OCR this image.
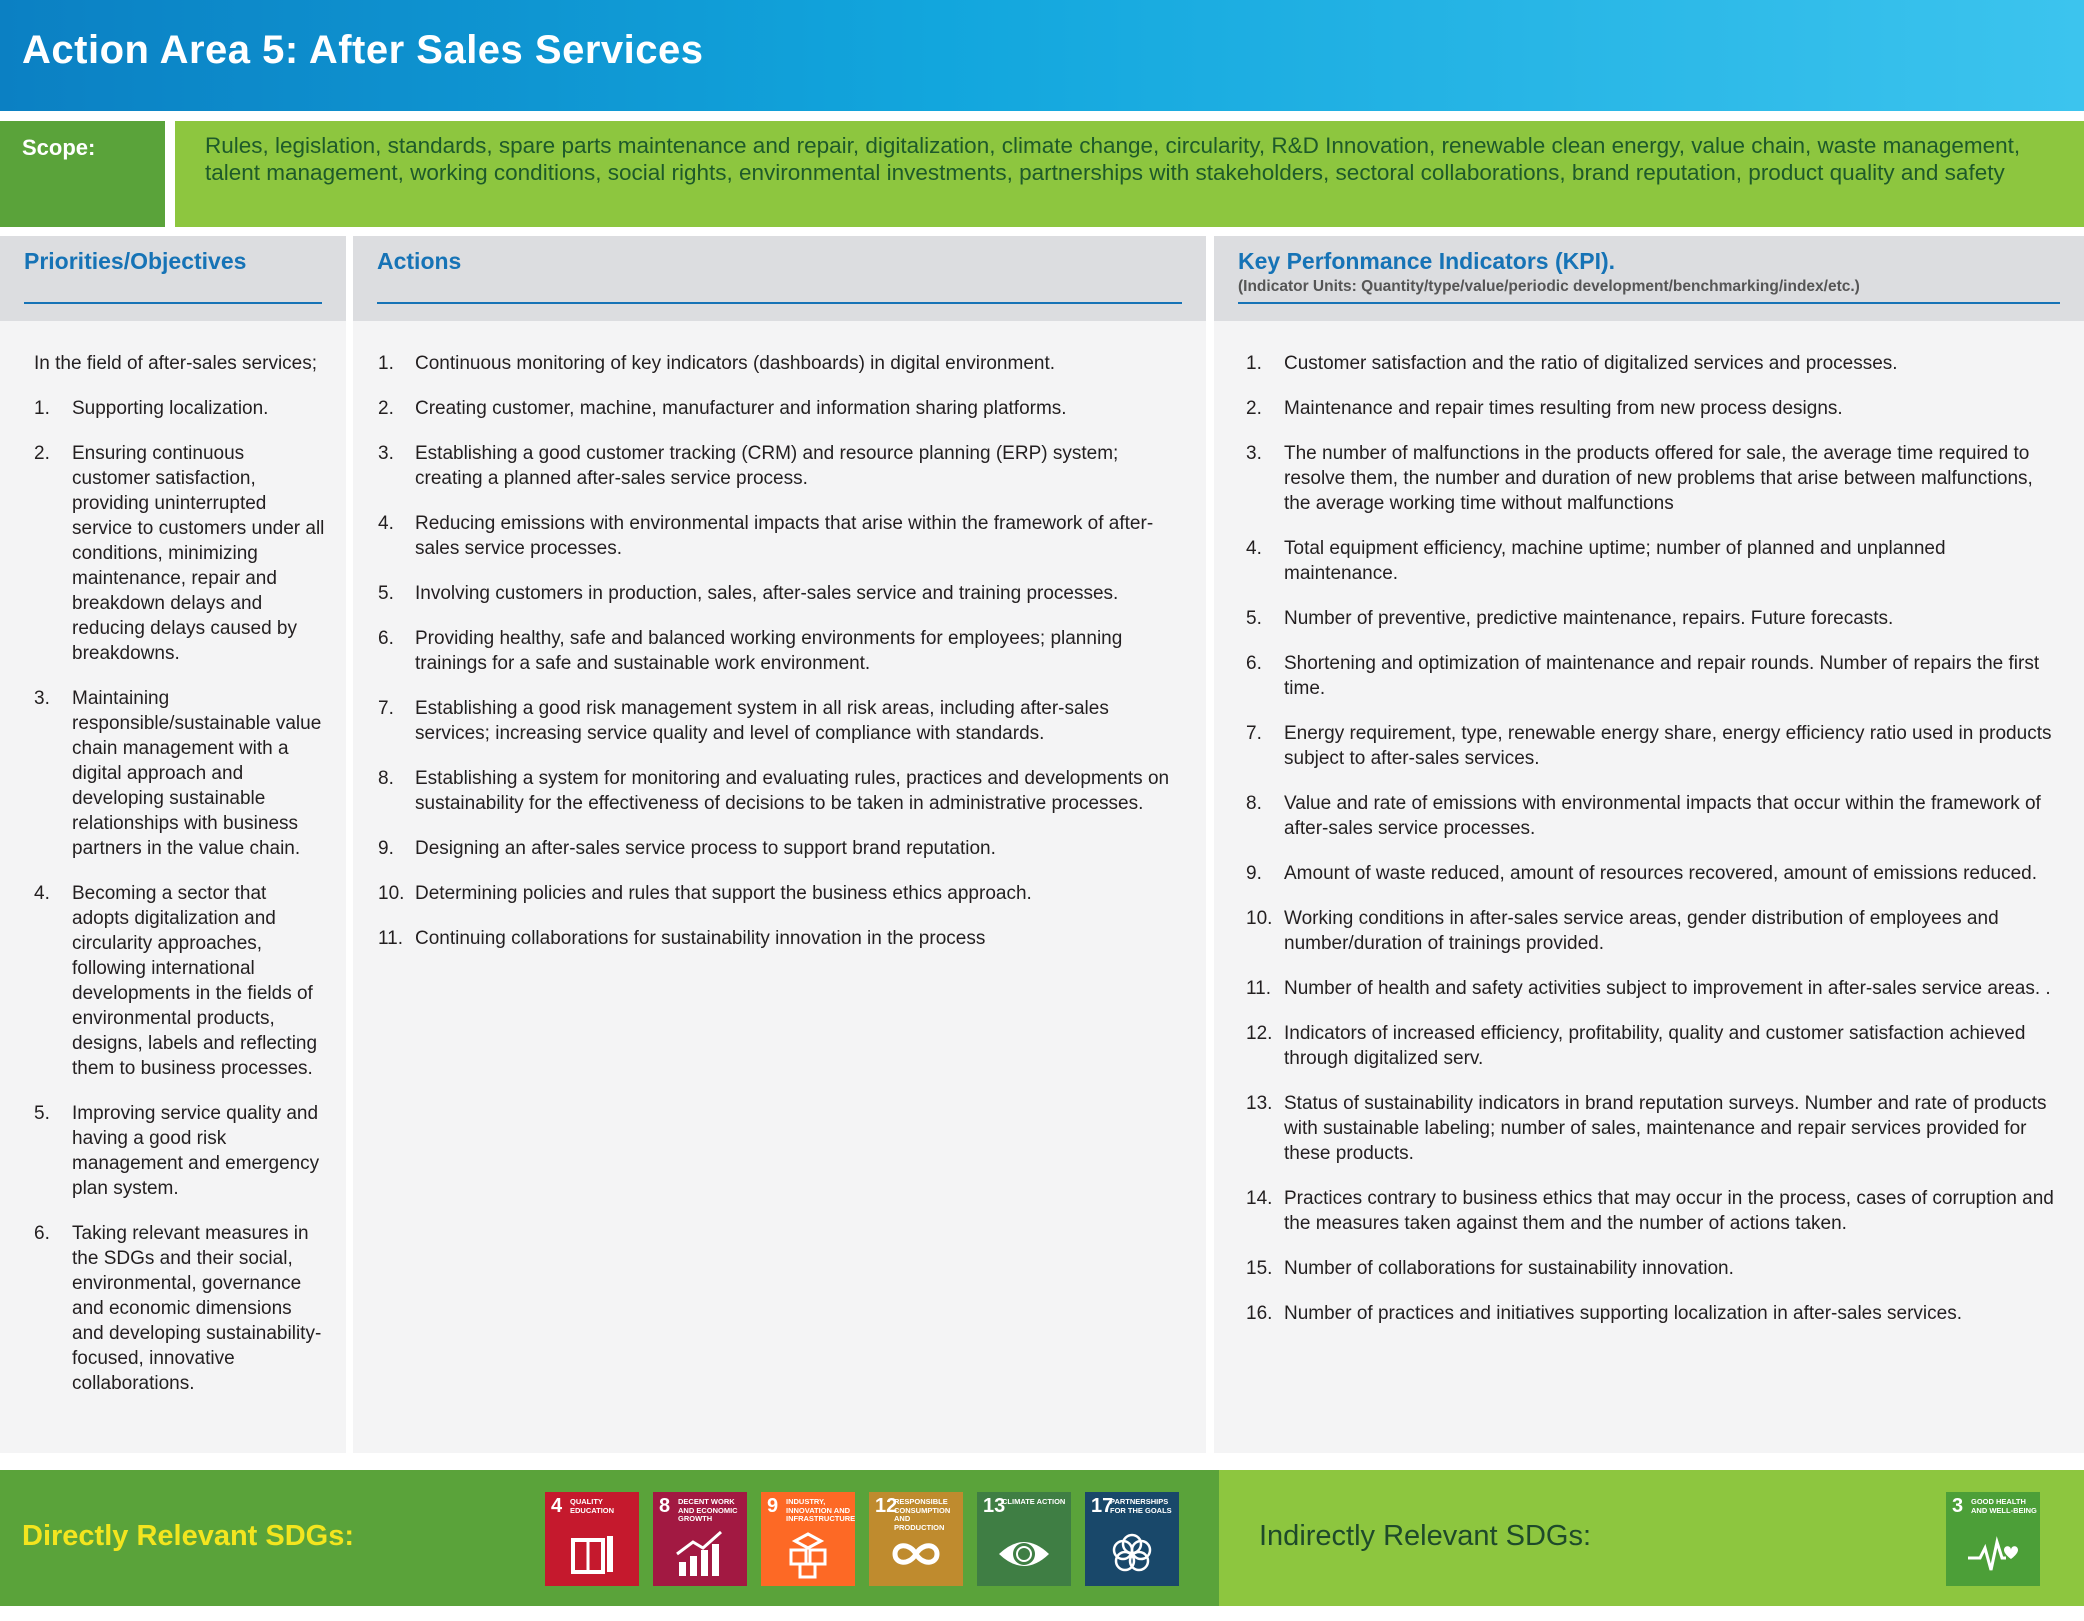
Action Area 5: After Sales Services
Scope:	Rules, legislation, standards, spare parts maintenance and repair, digitalization, climate change, circularity, R&D Innovation, renewable clean energy, value chain, waste management, talent management, working conditions, social rights, environmental investments, partnerships with stakeholders, sectoral collaborations, brand reputation, product quality and safety

Priorities/Objectives

In the field of after-sales services;

1.	Supporting localization.
2.	Ensuring continuous customer satisfaction, providing uninterrupted service to customers under all conditions, minimizing maintenance, repair and breakdown delays and reducing delays caused by breakdowns.
3.	Maintaining responsible/sustainable value chain management with a digital approach and developing sustainable relationships with business partners in the value chain.
4.	Becoming a sector that adopts digitalization and circularity approaches, following international developments in the fields of environmental products, designs, labels and reflecting them to business processes.
5.	Improving service quality and having a good risk management and emergency plan system.
6.	Taking relevant measures in the SDGs and their social, environmental, governance and economic dimensions and developing sustainability-focused, innovative collaborations.
Actions
1.	Continuous monitoring of key indicators (dashboards) in digital environment.
2.	Creating customer, machine, manufacturer and information sharing platforms.
3.	Establishing a good customer tracking (CRM) and resource planning (ERP) system; creating a planned after-sales service process.
4.	Reducing emissions with environmental impacts that arise within the framework of after-sales service processes.
5.	Involving customers in production, sales, after-sales service and training processes.
6.	Providing healthy, safe and balanced working environments for employees; planning trainings for a safe and sustainable work environment.
7.	Establishing a good risk management system in all risk areas, including after-sales services; increasing service quality and level of compliance with standards.
8.	Establishing a system for monitoring and evaluating rules, practices and developments on sustainability for the effectiveness of decisions to be taken in administrative processes.
9.	Designing an after-sales service process to support brand reputation.
10. Determining policies and rules that support the business ethics approach.
11. Continuing collaborations for sustainability innovation in the process
Key Perfonmance Indicators (KPI).
(Indicator Units: Quantity/type/value/periodic development/benchmarking/index/etc.)
1.	Customer satisfaction and the ratio of digitalized services and processes.
2.	Maintenance and repair times resulting from new process designs.
3.	The number of malfunctions in the products offered for sale, the average time required to resolve them, the number and duration of new problems that arise between malfunctions, the average working time without malfunctions
4.	Total equipment efficiency, machine uptime; number of planned and unplanned maintenance.
5.	Number of preventive, predictive maintenance, repairs. Future forecasts.
6.	Shortening and optimization of maintenance and repair rounds. Number of repairs the first time.
7.	Energy requirement, type, renewable energy share, energy efficiency ratio used in products subject to after-sales services.
8.	Value and rate of emissions with environmental impacts that occur within the framework of after-sales service processes.
9.	Amount of waste reduced, amount of resources recovered, amount of emissions reduced.
10. Working conditions in after-sales service areas, gender distribution of employees and number/duration of trainings provided.
11. Number of health and safety activities subject to improvement in after-sales service areas. .
12. Indicators of increased efficiency, profitability, quality and customer satisfaction achieved through digitalized serv.
13. Status of sustainability indicators in brand reputation surveys. Number and rate of products with sustainable labeling; number of sales, maintenance and repair services provided for these products.
14. Practices contrary to business ethics that may occur in the process, cases of corruption and the measures taken against them and the number of actions taken.
15. Number of collaborations for sustainability innovation.
16. Number of practices and initiatives supporting localization in after-sales services.
Directly Relevant SDGs:	Indirectly Relevant SDGs:
4 QUALITY EDUCATION	8 DECENT WORK AND ECONOMIC GROWTH
9 INDUSTRY, INNOVATION AND INFRASTRUCTURE
12
RESPONSIBLE CONSUMPTION AND PRODUCTION
13
CLIMATE ACTION 17
PARTNERSHIPS FOR THE GOALS	3 GOOD HEALTH AND WELL-BEING
